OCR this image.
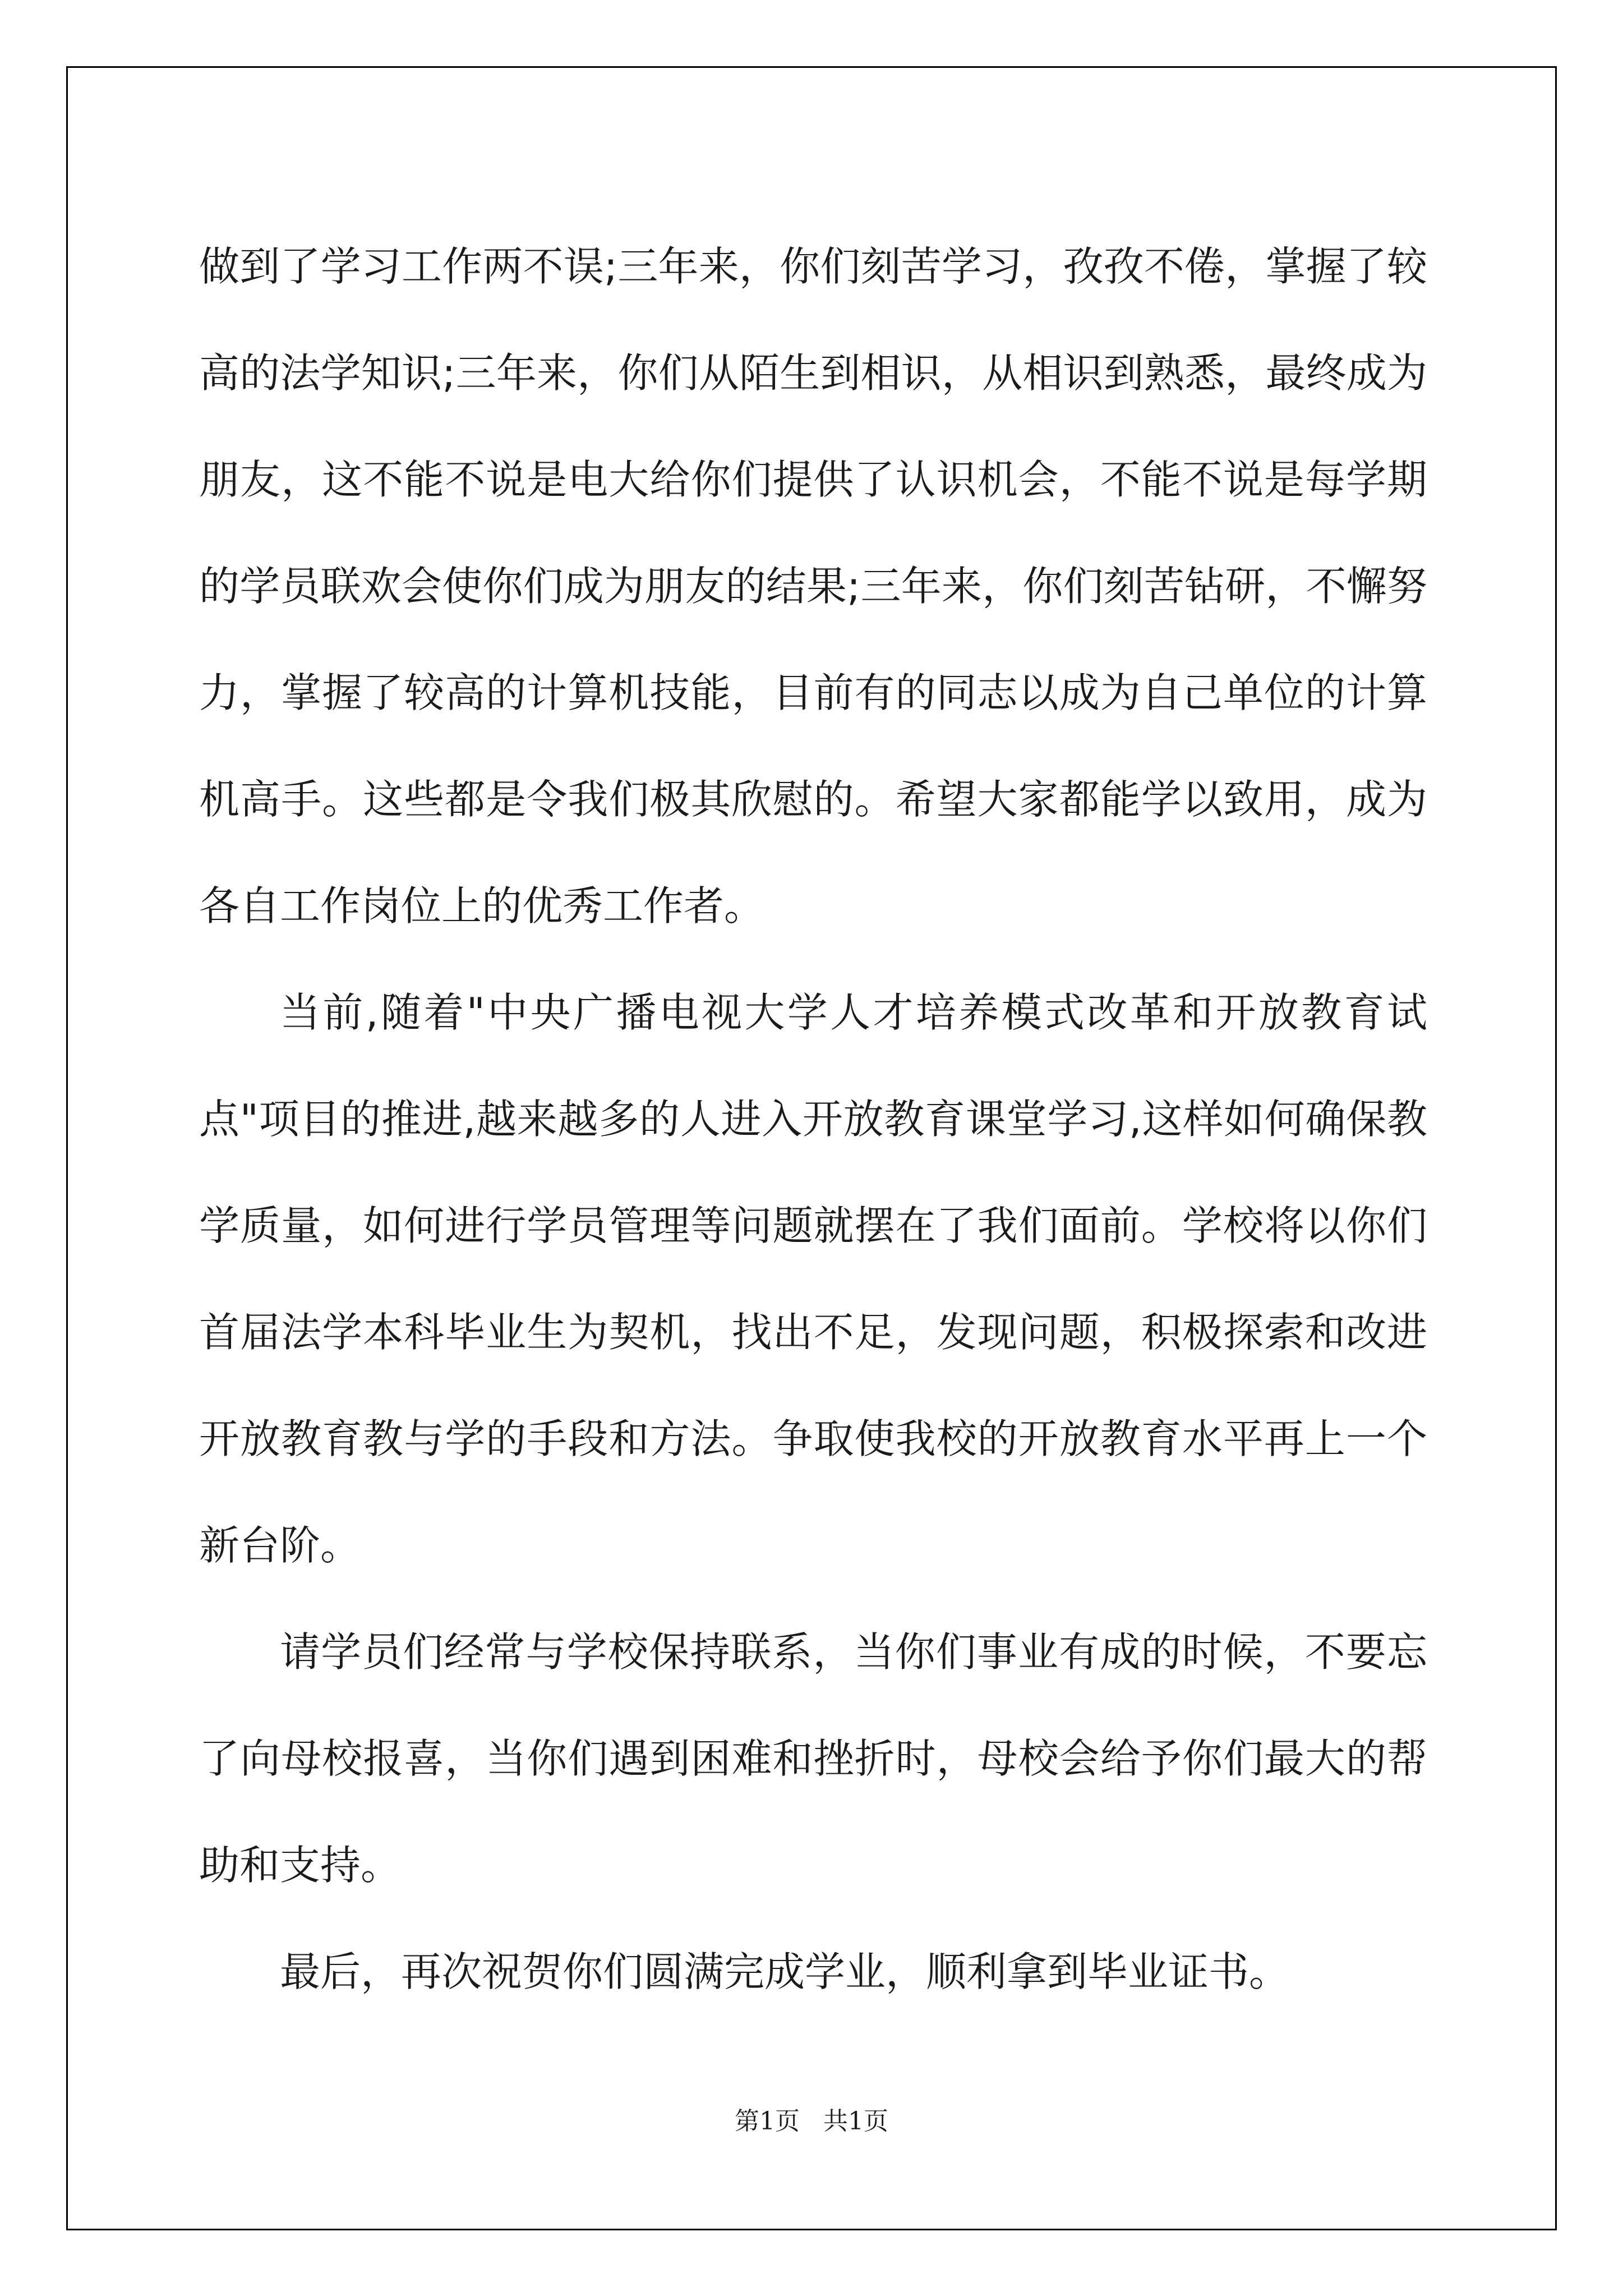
做到了学习工作两不误;三年来，你们刻苦学习，孜孜不倦，掌握了较高的法学知识;三年来，你们从陌生到相识，从相识到熟悉，最终成为朋友，这不能不说是电大给你们提供了认识机会，不能不说是每学期的学员联欢会使你们成为朋友的结果;三年来，你们刻苦钻研，不懈努力，掌握了较高的计算机技能，目前有的同志以成为自己单位的计算机高手。这些都是令我们极其欣慰的。希望大家都能学以致用，成为各自工作岗位上的优秀工作者。

当前,随着"中央广播电视大学人才培养模式改革和开放教育试点"项目的推进,越来越多的人进入开放教育课堂学习,这样如何确保教学质量，如何进行学员管理等问题就摆在了我们面前。学校将以你们首届法学本科毕业生为契机，找出不足，发现问题，积极探索和改进开放教育教与学的手段和方法。争取使我校的开放教育水平再上一个新台阶。

请学员们经常与学校保持联系，当你们事业有成的时候，不要忘了向母校报喜，当你们遇到困难和挫折时，母校会给予你们最大的帮助和支持。

最后，再次祝贺你们圆满完成学业，顺利拿到毕业证书。

第1页   共1页
